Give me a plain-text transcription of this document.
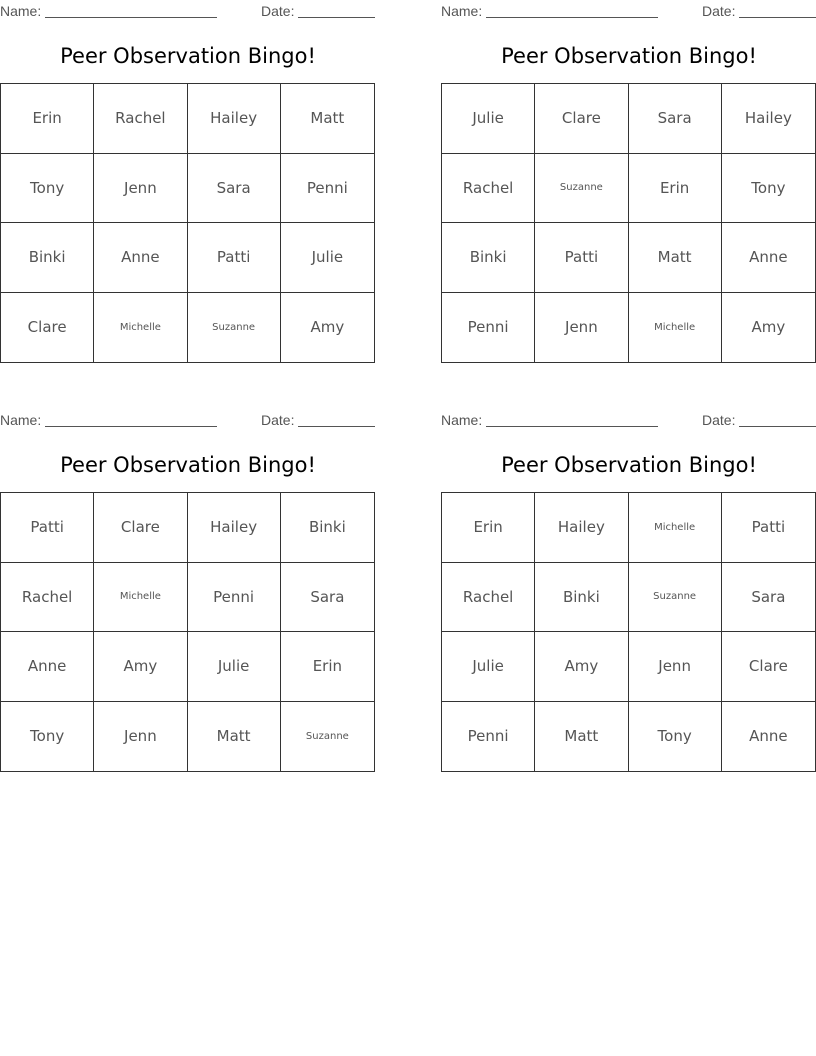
Name:	Date:
Peer Observation Bingo!
Erin	Rachel	Hailey	Matt
Tony	Jenn	Sara	Penni
Binki	Anne	Patti	Julie
Clare	Michelle	Suzanne	Amy
Name:	Date:
Peer Observation Bingo!
Julie	Clare	Sara	Hailey
Rachel	Suzanne	Erin	Tony
Binki	Patti	Matt	Anne
Penni	Jenn	Michelle	Amy
Name:	Date:
Peer Observation Bingo!
Patti	Clare	Hailey	Binki
Rachel	Michelle	Penni	Sara
Anne	Amy	Julie	Erin
Tony	Jenn	Matt	Suzanne
Name:	Date:
Peer Observation Bingo!
Erin	Hailey	Michelle	Patti
Rachel	Binki	Suzanne	Sara
Julie	Amy	Jenn	Clare
Penni	Matt	Tony	Anne
